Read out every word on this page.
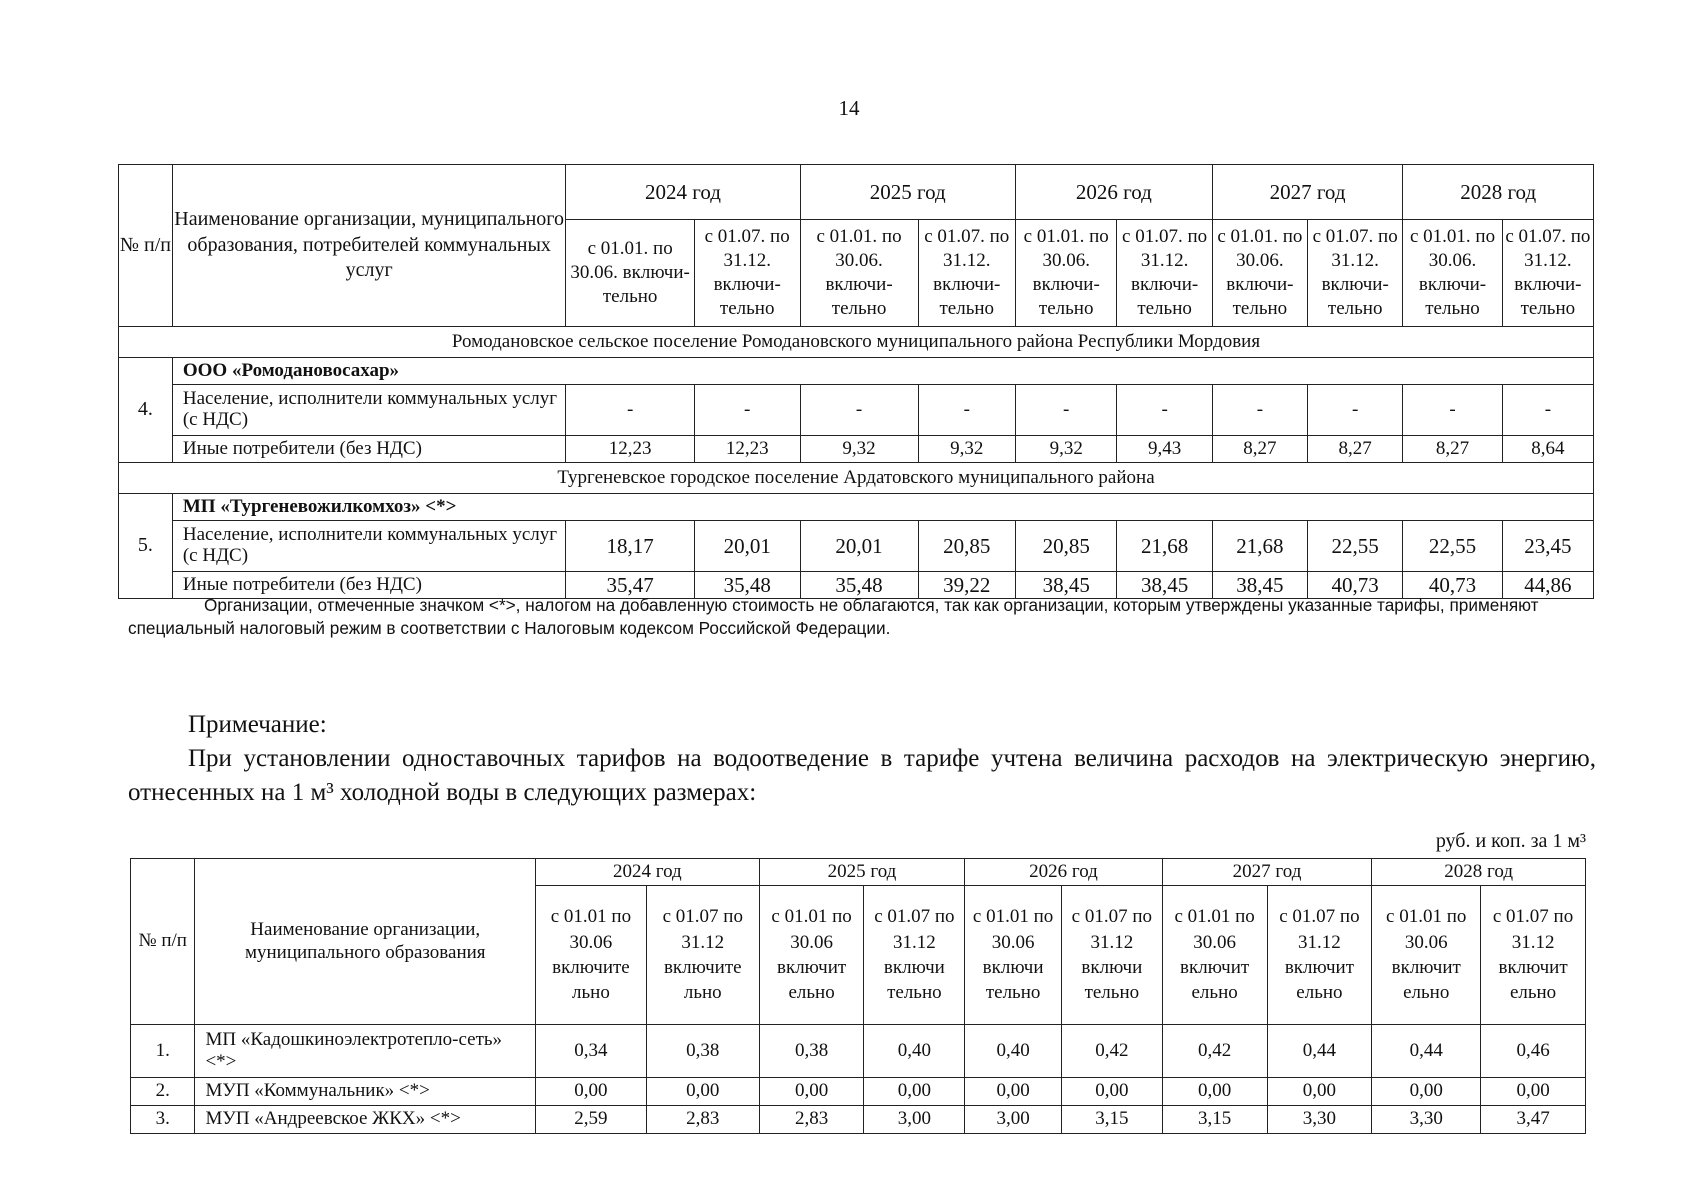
14
№ п/п	Наименование организации, муниципального образования, потребителей коммунальных услуг	2024 год		2025 год		2026 год		2027 год		2028 год	
		с 01.01. по 30.06. включи- тельно	с 01.07. по 31.12. включи- тельно	с 01.01. по 30.06. включи- тельно	с 01.07. по 31.12. включи- тельно	с 01.01. по 30.06. включи- тельно	с 01.07. по 31.12. включи- тельно	с 01.01. по 30.06. включи- тельно	с 01.07. по 31.12. включи- тельно	с 01.01. по 30.06. включи- тельно	с 01.07. по 31.12. включи- тельно
Ромодановское сельское поселение Ромодановского муниципального района Республики Мордовия											
4.	ООО «Ромодановосахар»										
	Население, исполнители коммунальных услуг (с НДС)	-	-	-	-	-	-	-	-	-	-
	Иные потребители (без НДС)	12,23	12,23	9,32	9,32	9,32	9,43	8,27	8,27	8,27	8,64
Тургеневское городское поселение Ардатовского муниципального района											
5.	МП «Тургеневожилкомхоз» <*>										
	Население, исполнители коммунальных услуг (с НДС)	18,17	20,01	20,01	20,85	20,85	21,68	21,68	22,55	22,55	23,45
	Иные потребители (без НДС)	35,47	35,48	35,48	39,22	38,45	38,45	38,45	40,73	40,73	44,86
Организации, отмеченные значком <*>, налогом на добавленную стоимость не облагаются, так как организации, которым утверждены указанные тарифы, применяют специальный налоговый режим в соответствии с Налоговым кодексом Российской Федерации.
Примечание:
При установлении одноставочных тарифов на водоотведение в тарифе учтена величина расходов на электрическую энергию, отнесенных на 1 м³ холодной воды в следующих размерах:
руб. и коп. за 1 м³
№ п/п	Наименование организации, муниципального образования	2024 год		2025 год		2026 год		2027 год		2028 год	
		с 01.01 по 30.06 включите льно	с 01.07 по 31.12 включите льно	с 01.01 по 30.06 включит ельно	с 01.07 по 31.12 включи тельно	с 01.01 по 30.06 включи тельно	с 01.07 по 31.12 включи тельно	с 01.01 по 30.06 включит ельно	с 01.07 по 31.12 включит ельно	с 01.01 по 30.06 включит ельно	с 01.07 по 31.12 включит ельно
1.	МП «Кадошкиноэлектротепло-сеть» <*>	0,34	0,38	0,38	0,40	0,40	0,42	0,42	0,44	0,44	0,46
2.	МУП «Коммунальник» <*>	0,00	0,00	0,00	0,00	0,00	0,00	0,00	0,00	0,00	0,00
3.	МУП «Андреевское ЖКХ» <*>	2,59	2,83	2,83	3,00	3,00	3,15	3,15	3,30	3,30	3,47
